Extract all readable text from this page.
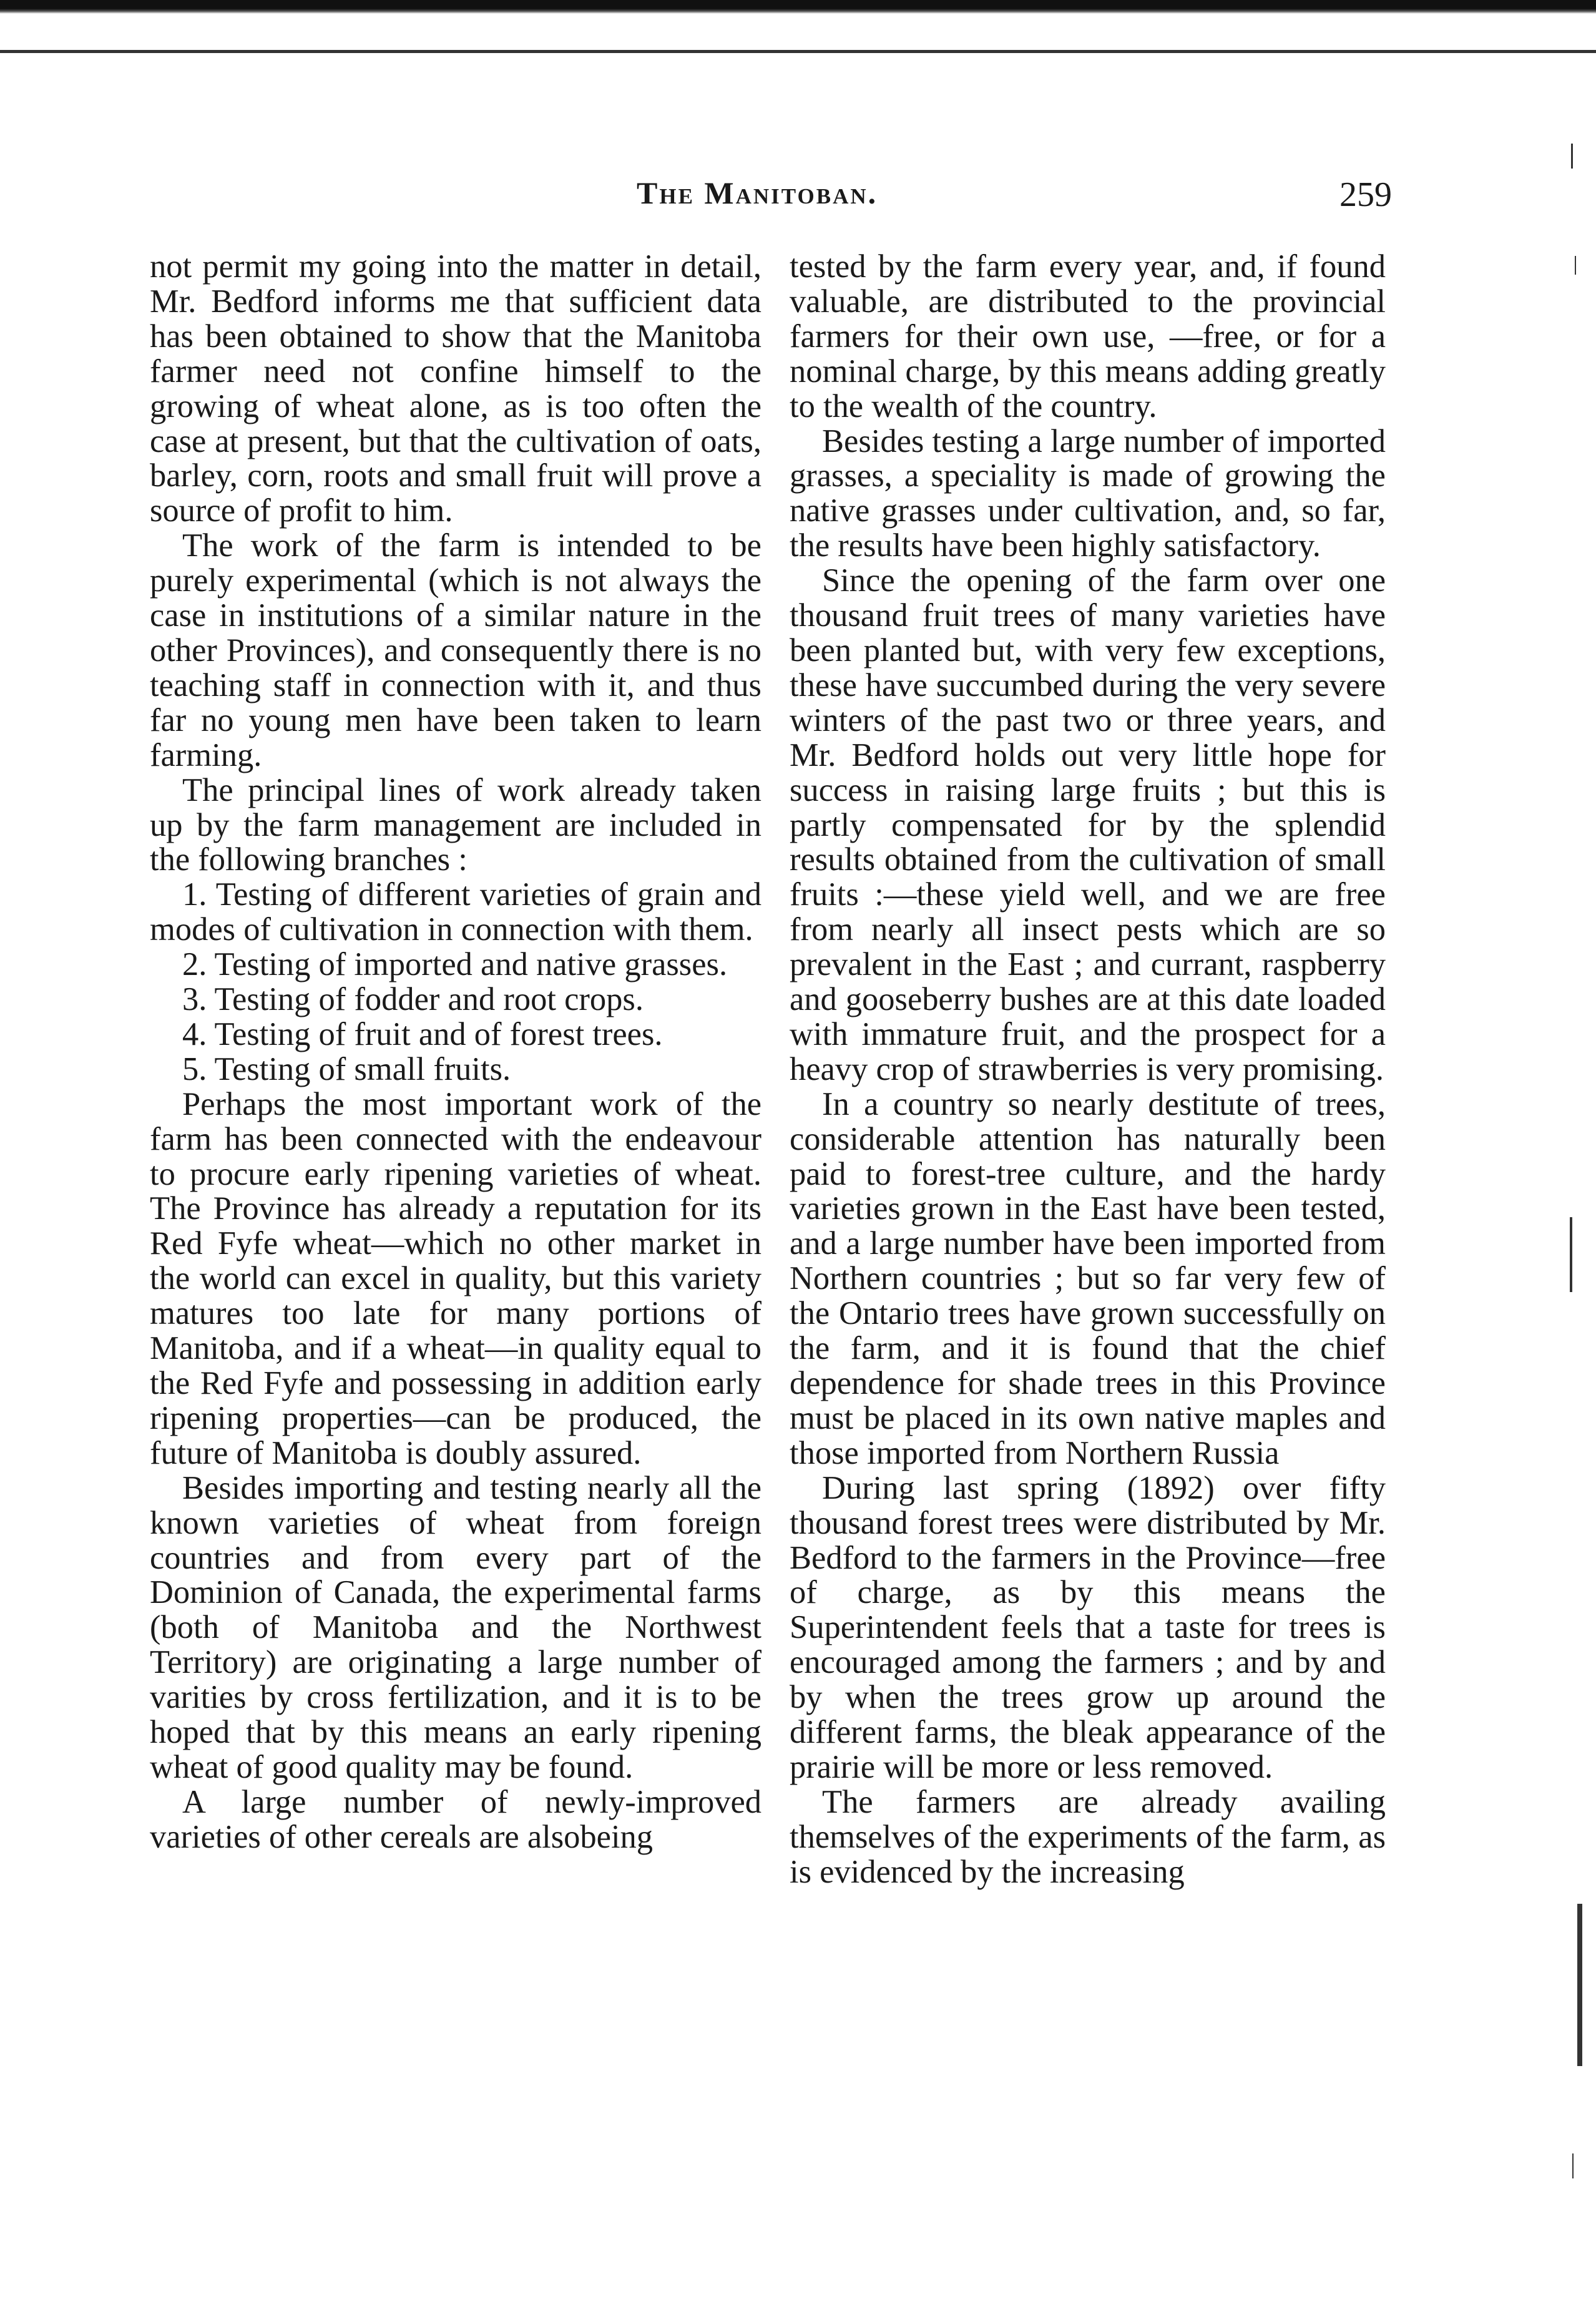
The Manitoban.	259

not permit my going into the matter in detail, Mr. Bedford informs me that sufficient data has been obtained to show that the Manitoba farmer need not confine himself to the growing of wheat alone, as is too often the case at present, but that the cultivation of oats, barley, corn, roots and small fruit will prove a source of profit to him.

The work of the farm is intended to be purely experimental (which is not always the case in institutions of a similar nature in the other Provinces), and consequently there is no teaching staff in connection with it, and thus far no young men have been taken to learn farming.

The principal lines of work already taken up by the farm management are included in the following branches :

1. Testing of different varieties of grain and modes of cultivation in connection with them.

2. Testing of imported and native grasses.

3. Testing of fodder and root crops.

4. Testing of fruit and of forest trees.

5. Testing of small fruits.

Perhaps the most important work of the farm has been connected with the endeavour to procure early ripening varieties of wheat. The Province has already a reputation for its Red Fyfe wheat—which no other market in the world can excel in quality, but this variety matures too late for many portions of Manitoba, and if a wheat—in quality equal to the Red Fyfe and possessing in addition early ripening properties—can be produced, the future of Manitoba is doubly assured.

Besides importing and testing nearly all the known varieties of wheat from foreign countries and from every part of the Dominion of Canada, the experimental farms (both of Manitoba and the Northwest Territory) are originating a large number of varities by cross fertilization, and it is to be hoped that by this means an early ripening wheat of good quality may be found.

A large number of newly-improved varieties of other cereals are alsobeing

tested by the farm every year, and, if found valuable, are distributed to the provincial farmers for their own use, —free, or for a nominal charge, by this means adding greatly to the wealth of the country.

Besides testing a large number of imported grasses, a speciality is made of growing the native grasses under cultivation, and, so far, the results have been highly satisfactory.

Since the opening of the farm over one thousand fruit trees of many varieties have been planted but, with very few exceptions, these have succumbed during the very severe winters of the past two or three years, and Mr. Bedford holds out very little hope for success in raising large fruits ; but this is partly compensated for by the splendid results obtained from the cultivation of small fruits :—these yield well, and we are free from nearly all insect pests which are so prevalent in the East ; and currant, raspberry and gooseberry bushes are at this date loaded with immature fruit, and the prospect for a heavy crop of strawberries is very promising.

In a country so nearly destitute of trees, considerable attention has naturally been paid to forest-tree culture, and the hardy varieties grown in the East have been tested, and a large number have been imported from Northern countries ; but so far very few of the Ontario trees have grown successfully on the farm, and it is found that the chief dependence for shade trees in this Province must be placed in its own native maples and those imported from Northern Russia

During last spring (1892) over fifty thousand forest trees were distributed by Mr. Bedford to the farmers in the Province—free of charge, as by this means the Superintendent feels that a taste for trees is encouraged among the farmers ; and by and by when the trees grow up around the different farms, the bleak appearance of the prairie will be more or less removed.

The farmers are already availing themselves of the experiments of the farm, as is evidenced by the increasing
